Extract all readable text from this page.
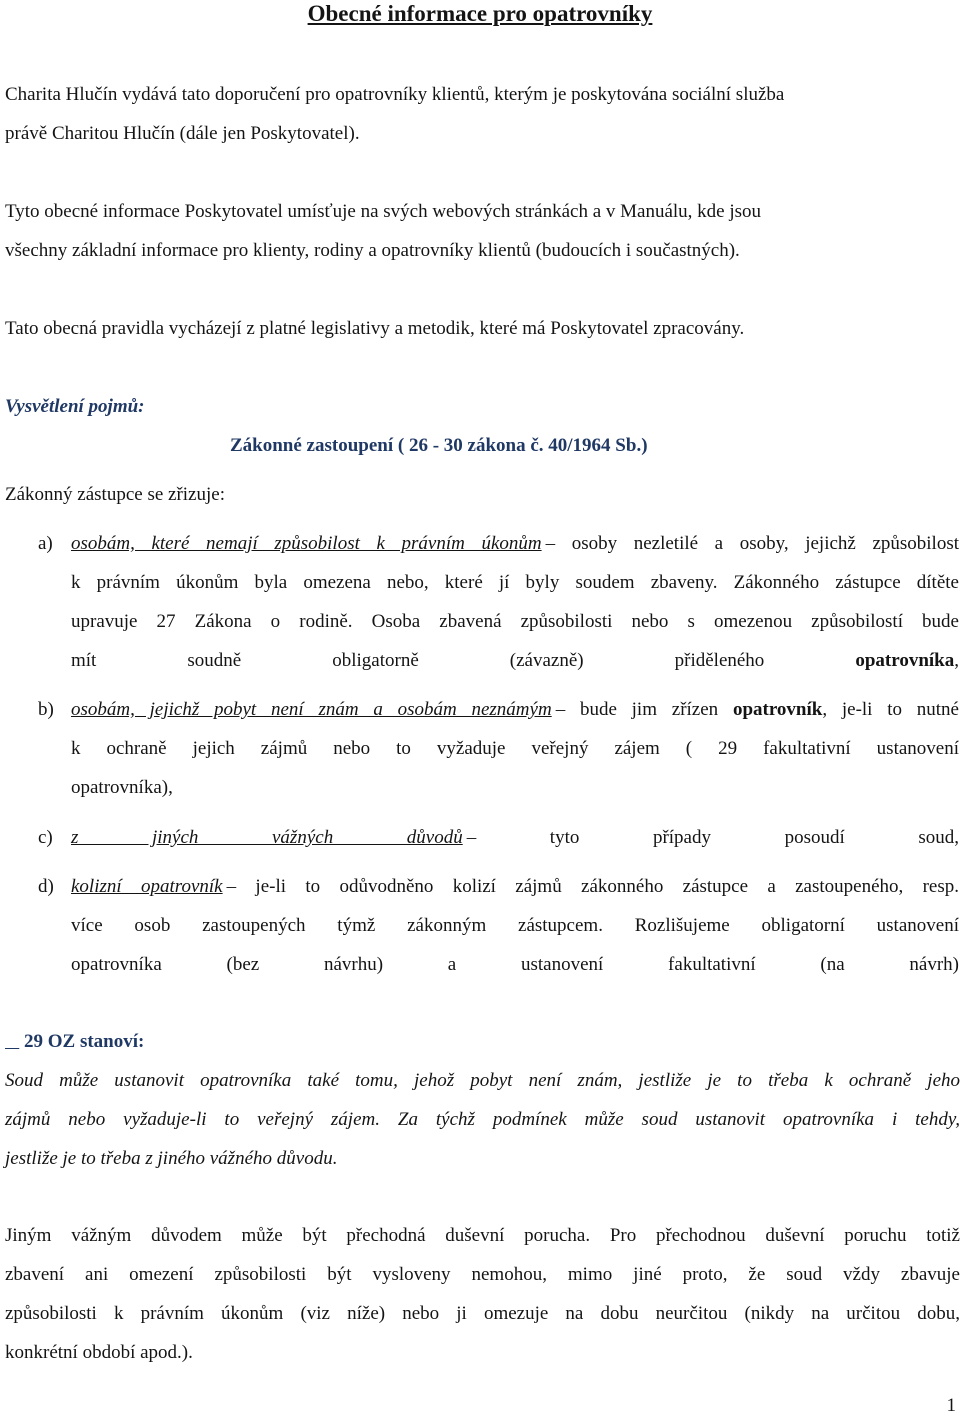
Obecné informace pro opatrovníky
Charita Hlučín vydává tato doporučení pro opatrovníky klientů, kterým je poskytována sociální služba
právě Charitou Hlučín (dále jen Poskytovatel).
Tyto obecné informace Poskytovatel umísťuje na svých webových stránkách a v Manuálu, kde jsou
všechny základní informace pro klienty, rodiny a opatrovníky klientů (budoucích i součastných).
Tato obecná pravidla vycházejí z platné legislativy a metodik, které má Poskytovatel zpracovány.
Vysvětlení pojmů:
Zákonné zastoupení ( 26 - 30 zákona č. 40/1964 Sb.)
Zákonný zástupce se zřizuje:
a) osobám, které nemají způsobilost k právním úkonům – osoby nezletilé a osoby, jejichž způsobilost
k právním úkonům byla omezena nebo, které jí byly soudem zbaveny. Zákonného zástupce dítěte
upravuje 27 Zákona o rodině. Osoba zbavená způsobilosti nebo s omezenou způsobilostí bude
mít soudně obligatorně (závazně) přiděleného opatrovníka,
b) osobám, jejichž pobyt není znám a osobám neznámým – bude jim zřízen opatrovník, je-li to nutné
k ochraně jejich zájmů nebo to vyžaduje veřejný zájem ( 29 fakultativní ustanovení
opatrovníka),
c) z jiných vážných důvodů – tyto případy posoudí soud,
d) kolizní opatrovník – je-li to odůvodněno kolizí zájmů zákonného zástupce a zastoupeného, resp.
více osob zastoupených týmž zákonným zástupcem. Rozlišujeme obligatorní ustanovení
opatrovníka (bez návrhu) a ustanovení fakultativní (na návrh)
29 OZ stanoví:
Soud může ustanovit opatrovníka také tomu, jehož pobyt není znám, jestliže je to třeba k ochraně jeho
zájmů nebo vyžaduje-li to veřejný zájem. Za týchž podmínek může soud ustanovit opatrovníka i tehdy,
jestliže je to třeba z jiného vážného důvodu.
Jiným vážným důvodem může být přechodná duševní porucha. Pro přechodnou duševní poruchu totiž
zbavení ani omezení způsobilosti být vysloveny nemohou, mimo jiné proto, že soud vždy zbavuje
způsobilosti k právním úkonům (viz níže) nebo ji omezuje na dobu neurčitou (nikdy na určitou dobu,
konkrétní období apod.).
1
